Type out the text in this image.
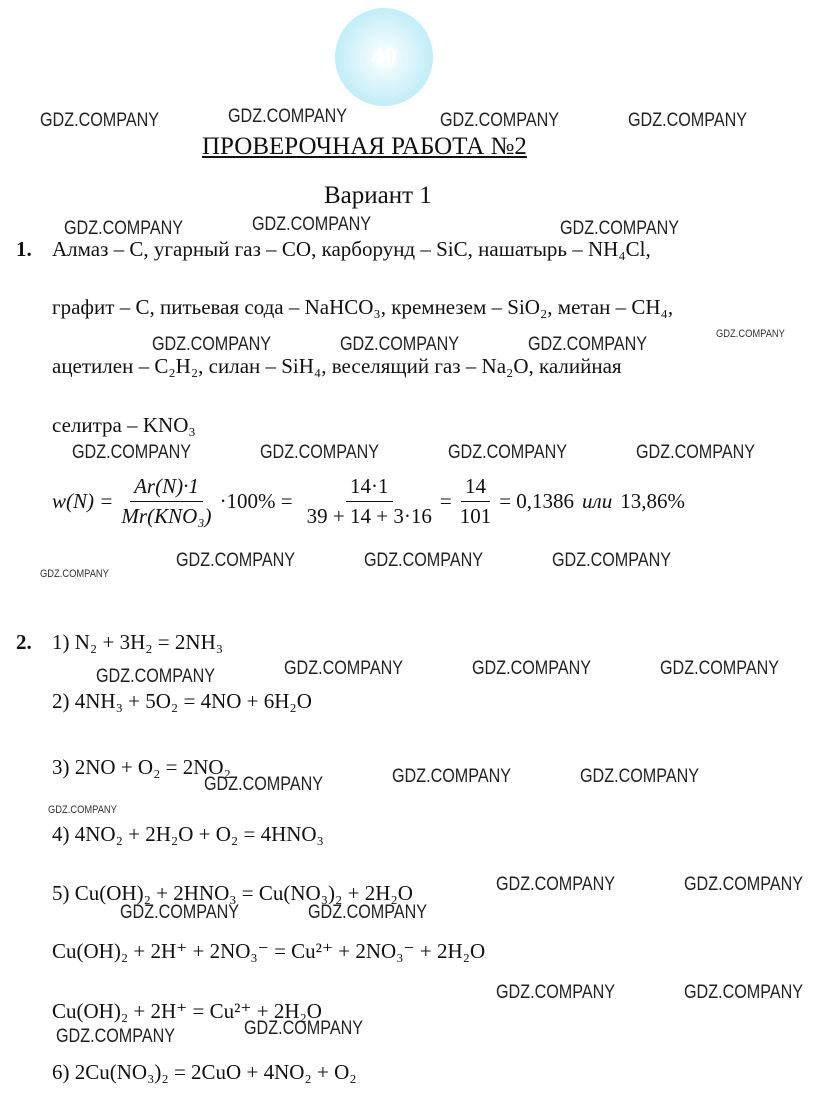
40
GDZ.COMPANY	GDZ.COMPANY	GDZ.COMPANY	GDZ.COMPANY
GDZ.COMPANY	GDZ.COMPANY	GDZ.COMPANY
GDZ.COMPANY	GDZ.COMPANY	GDZ.COMPANY	GDZ.COMPANY
GDZ.COMPANY	GDZ.COMPANY	GDZ.COMPANY	GDZ.COMPANY
GDZ.COMPANY	GDZ.COMPANY	GDZ.COMPANY
GDZ.COMPANY
GDZ.COMPANY	GDZ.COMPANY	GDZ.COMPANY	GDZ.COMPANY
GDZ.COMPANY	GDZ.COMPANY	GDZ.COMPANY
GDZ.COMPANY
GDZ.COMPANY	GDZ.COMPANY
GDZ.COMPANY	GDZ.COMPANY
GDZ.COMPANY	GDZ.COMPANY
GDZ.COMPANY	GDZ.COMPANY
ПРОВЕРОЧНАЯ РАБОТА №2
Вариант 1
1. Алмаз – C, угарный газ – CO, карборунд – SiC, нашатырь – NH₄Cl,
графит – C, питьевая сода – NaHCO₃, кремнезем – SiO₂, метан – CH₄,
ацетилен – C₂H₂, силан – SiH₄, веселящий газ – Na₂O, калийная
селитра – KNO₃
$w(N) = \frac{Ar(N)\cdot 1}{\text{Mr(KNO₃)}} \cdot 100\% = \frac{14\cdot 1}{39 + 14 + 3\cdot 16} = \frac{14}{101} = 0,1386$ или 13,86%
2. 1) N₂ + 3H₂ = 2NH₃
2) 4NH₃ + 5O₂ = 4NO + 6H₂O
3) 2NO + O₂ = 2NO₂
4) 4NO₂ + 2H₂O + O₂ = 4HNO₃
5) Cu(OH)₂ + 2HNO₃ = Cu(NO₃)₂ + 2H₂O
Cu(OH)₂ + 2H⁺ + 2NO₃⁻ = Cu²⁺ + 2NO₃⁻ + 2H₂O
Cu(OH)₂ + 2H⁺ = Cu²⁺ + 2H₂O
6) 2Cu(NO₃)₂ = 2CuO + 4NO₂ + O₂
